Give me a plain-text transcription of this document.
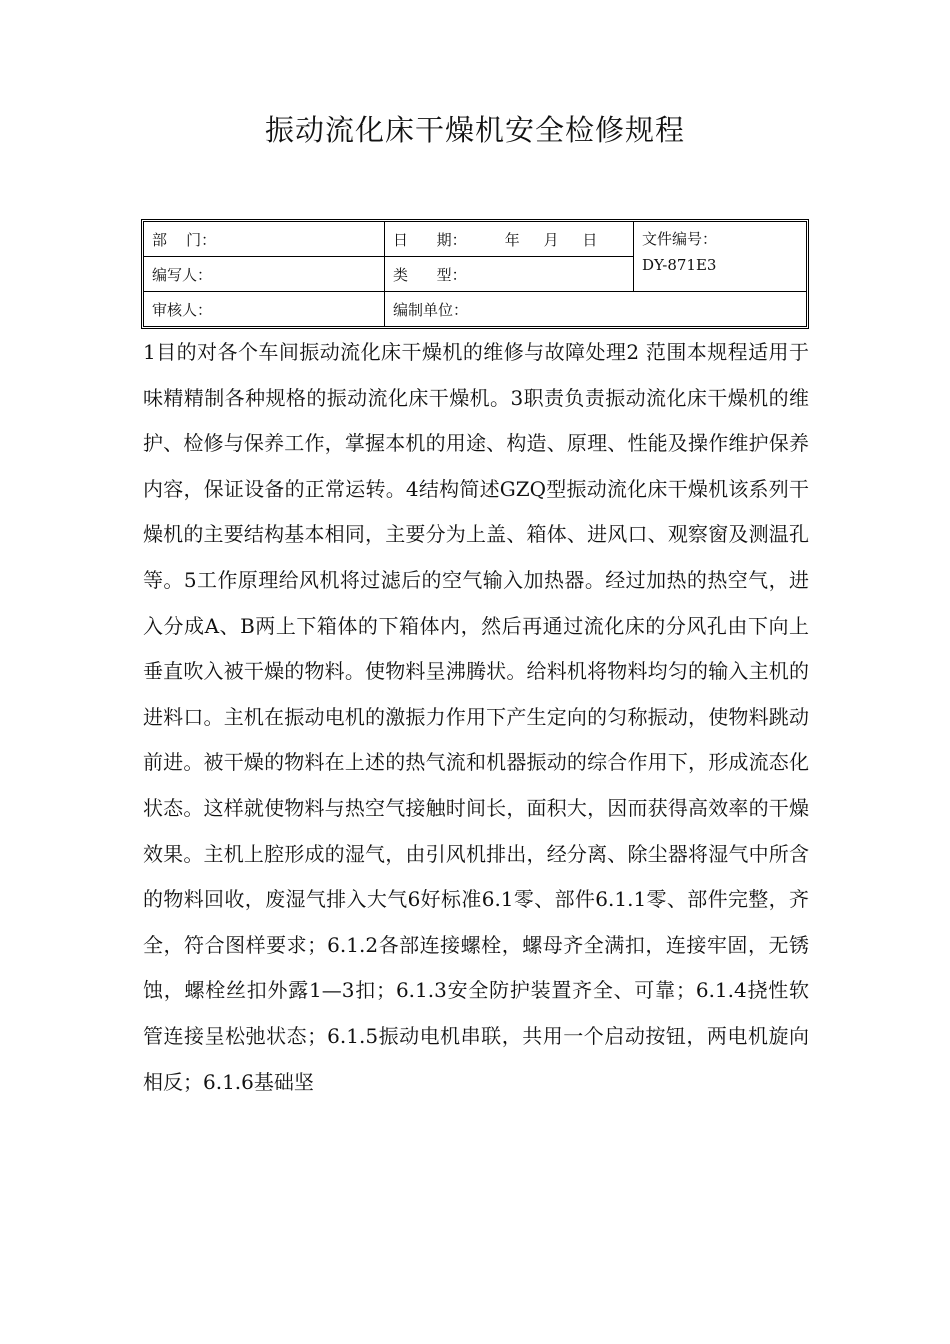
振动流化床干燥机安全检修规程
部    门：	日      期：        年     月     日	文件编号：
DY-871E3
编写人：	类      型：	
审核人：	编制单位：	
1目的对各个车间振动流化床干燥机的维修与故障处理2 范围本规程适用于味精精制各种规格的振动流化床干燥机。3职责负责振动流化床干燥机的维护、检修与保养工作，掌握本机的用途、构造、原理、性能及操作维护保养内容，保证设备的正常运转。4结构简述GZQ型振动流化床干燥机该系列干燥机的主要结构基本相同，主要分为上盖、箱体、进风口、观察窗及测温孔等。5工作原理给风机将过滤后的空气输入加热器。经过加热的热空气，进入分成A、B两上下箱体的下箱体内，然后再通过流化床的分风孔由下向上垂直吹入被干燥的物料。使物料呈沸腾状。给料机将物料均匀的输入主机的进料口。主机在振动电机的激振力作用下产生定向的匀称振动，使物料跳动前进。被干燥的物料在上述的热气流和机器振动的综合作用下，形成流态化状态。这样就使物料与热空气接触时间长，面积大，因而获得高效率的干燥效果。主机上腔形成的湿气，由引风机排出，经分离、除尘器将湿气中所含的物料回收，废湿气排入大气6好标准6.1零、部件6.1.1零、部件完整，齐全，符合图样要求；6.1.2各部连接螺栓，螺母齐全满扣，连接牢固，无锈蚀，螺栓丝扣外露1—3扣；6.1.3安全防护装置齐全、可靠；6.1.4挠性软管连接呈松弛状态；6.1.5振动电机串联，共用一个启动按钮，两电机旋向相反；6.1.6基础坚
